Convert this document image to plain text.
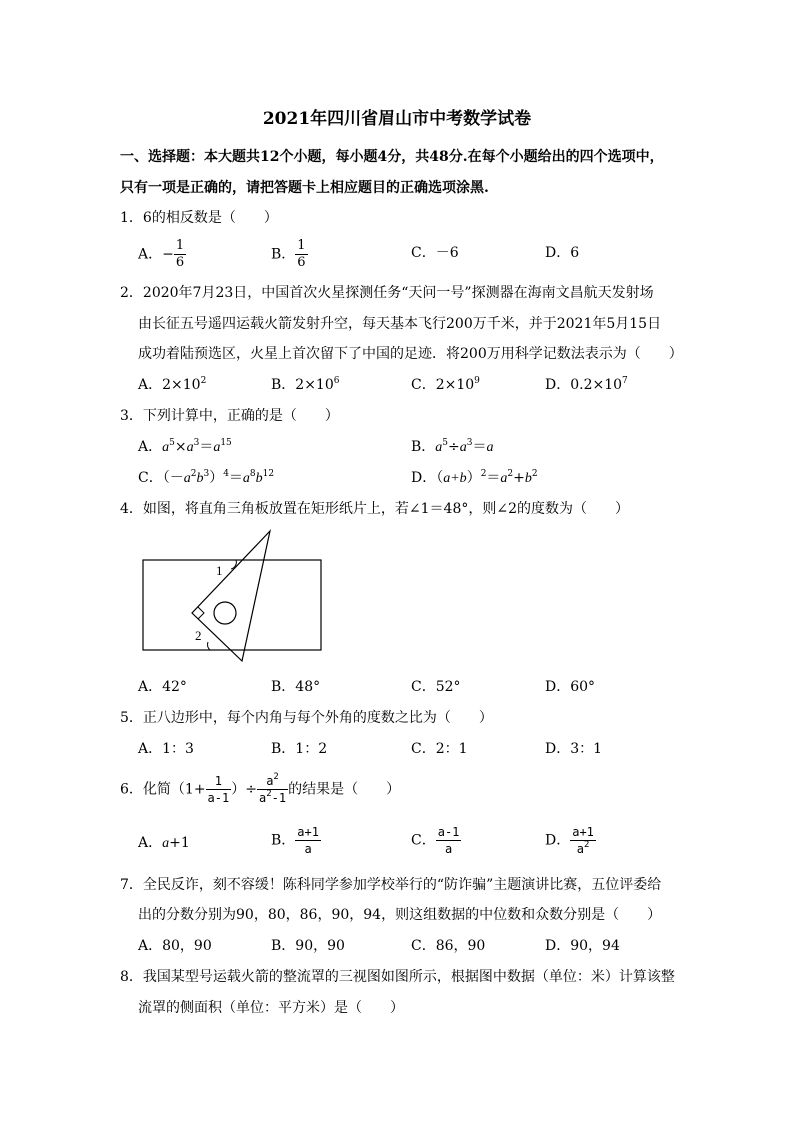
2021年四川省眉山市中考数学试卷
一、选择题：本大题共12个小题，每小题4分，共48分.在每个小题给出的四个选项中，
只有一项是正确的，请把答题卡上相应题目的正确选项涂黑.
1．6的相反数是（　　）
A．− $\frac{1}{6}$	B． $\frac{1}{6}$	C．－6	D．6
2．2020年7月23日，中国首次火星探测任务“天问一号”探测器在海南文昌航天发射场
由长征五号遥四运载火箭发射升空，每天基本飞行200万千米，并于2021年5月15日
成功着陆预选区，火星上首次留下了中国的足迹．将200万用科学记数法表示为（　　）
A．$2\times 10^2$	B．$2\times 10^6$	C．$2\times 10^9$	D．$0.2\times 10^7$
3．下列计算中，正确的是（　　）
A．$a^5\times a^3=a^{15}$	B．$a^5\div a^3=a$
C．$(-a^2b^3)^4=a^8b^{12}$	D．$(a+b)^2=a^2+b^2$
4．如图，将直角三角板放置在矩形纸片上，若∠1＝48°，则∠2的度数为（　　）
1
2
A．42°	B．48°	C．52°	D．60°
5．正八边形中，每个内角与每个外角的度数之比为（　　）
A．1：3	B．1：2	C．2：1	D．3：1
6．化简（$1+ \frac{1}{a-1}$ ）÷ $\frac{a^2}{a^2-1}$ 的结果是（　　）
A．a+1	B． $\frac{a+1}{a}$	C． $\frac{a-1}{a}$	D． $\frac{a+1}{a^2}$
7．全民反诈，刻不容缓！陈科同学参加学校举行的“防诈骗”主题演讲比赛，五位评委给
出的分数分别为90，80，86，90，94，则这组数据的中位数和众数分别是（　　）
A．80，90	B．90，90	C．86，90	D．90，94
8．我国某型号运载火箭的整流罩的三视图如图所示，根据图中数据（单位：米）计算该整
流罩的侧面积（单位：平方米）是（　　）
